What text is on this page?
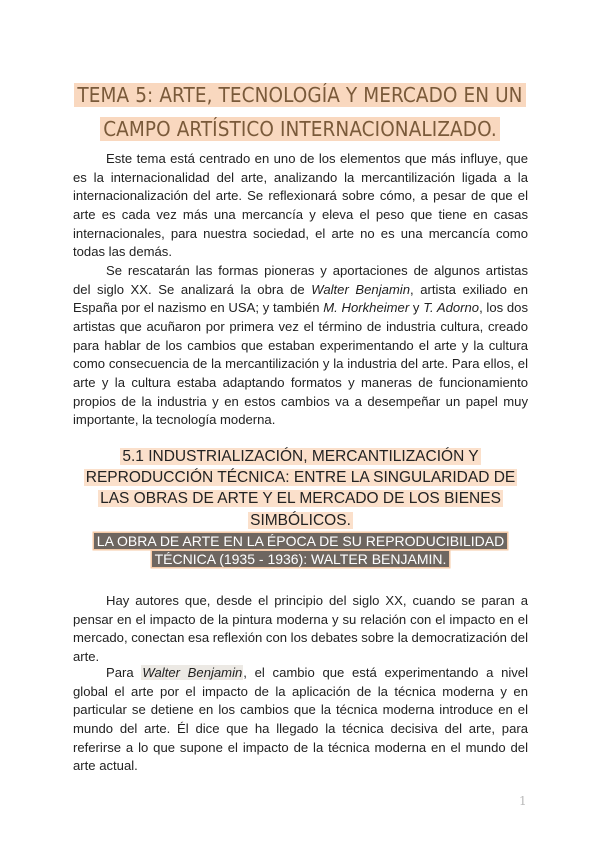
TEMA 5: ARTE, TECNOLOGÍA Y MERCADO EN UN CAMPO ARTÍSTICO INTERNACIONALIZADO.

Este tema está centrado en uno de los elementos que más influye, que es la internacionalidad del arte, analizando la mercantilización ligada a la internacionalización del arte. Se reflexionará sobre cómo, a pesar de que el arte es cada vez más una mercancía y eleva el peso que tiene en casas internacionales, para nuestra sociedad, el arte no es una mercancía como todas las demás.

Se rescatarán las formas pioneras y aportaciones de algunos artistas del siglo XX. Se analizará la obra de Walter Benjamin, artista exiliado en España por el nazismo en USA; y también M. Horkheimer y T. Adorno, los dos artistas que acuñaron por primera vez el término de industria cultura, creado para hablar de los cambios que estaban experimentando el arte y la cultura como consecuencia de la mercantilización y la industria del arte. Para ellos, el arte y la cultura estaba adaptando formatos y maneras de funcionamiento propios de la industria y en estos cambios va a desempeñar un papel muy importante, la tecnología moderna.

5.1 INDUSTRIALIZACIÓN, MERCANTILIZACIÓN Y REPRODUCCIÓN TÉCNICA: ENTRE LA SINGULARIDAD DE LAS OBRAS DE ARTE Y EL MERCADO DE LOS BIENES SIMBÓLICOS.
LA OBRA DE ARTE EN LA ÉPOCA DE SU REPRODUCIBILIDAD TÉCNICA (1935 - 1936): WALTER BENJAMIN.

Hay autores que, desde el principio del siglo XX, cuando se paran a pensar en el impacto de la pintura moderna y su relación con el impacto en el mercado, conectan esa reflexión con los debates sobre la democratización del arte.

Para Walter Benjamin, el cambio que está experimentando a nivel global el arte por el impacto de la aplicación de la técnica moderna y en particular se detiene en los cambios que la técnica moderna introduce en el mundo del arte. Él dice que ha llegado la técnica decisiva del arte, para referirse a lo que supone el impacto de la técnica moderna en el mundo del arte actual.

1
